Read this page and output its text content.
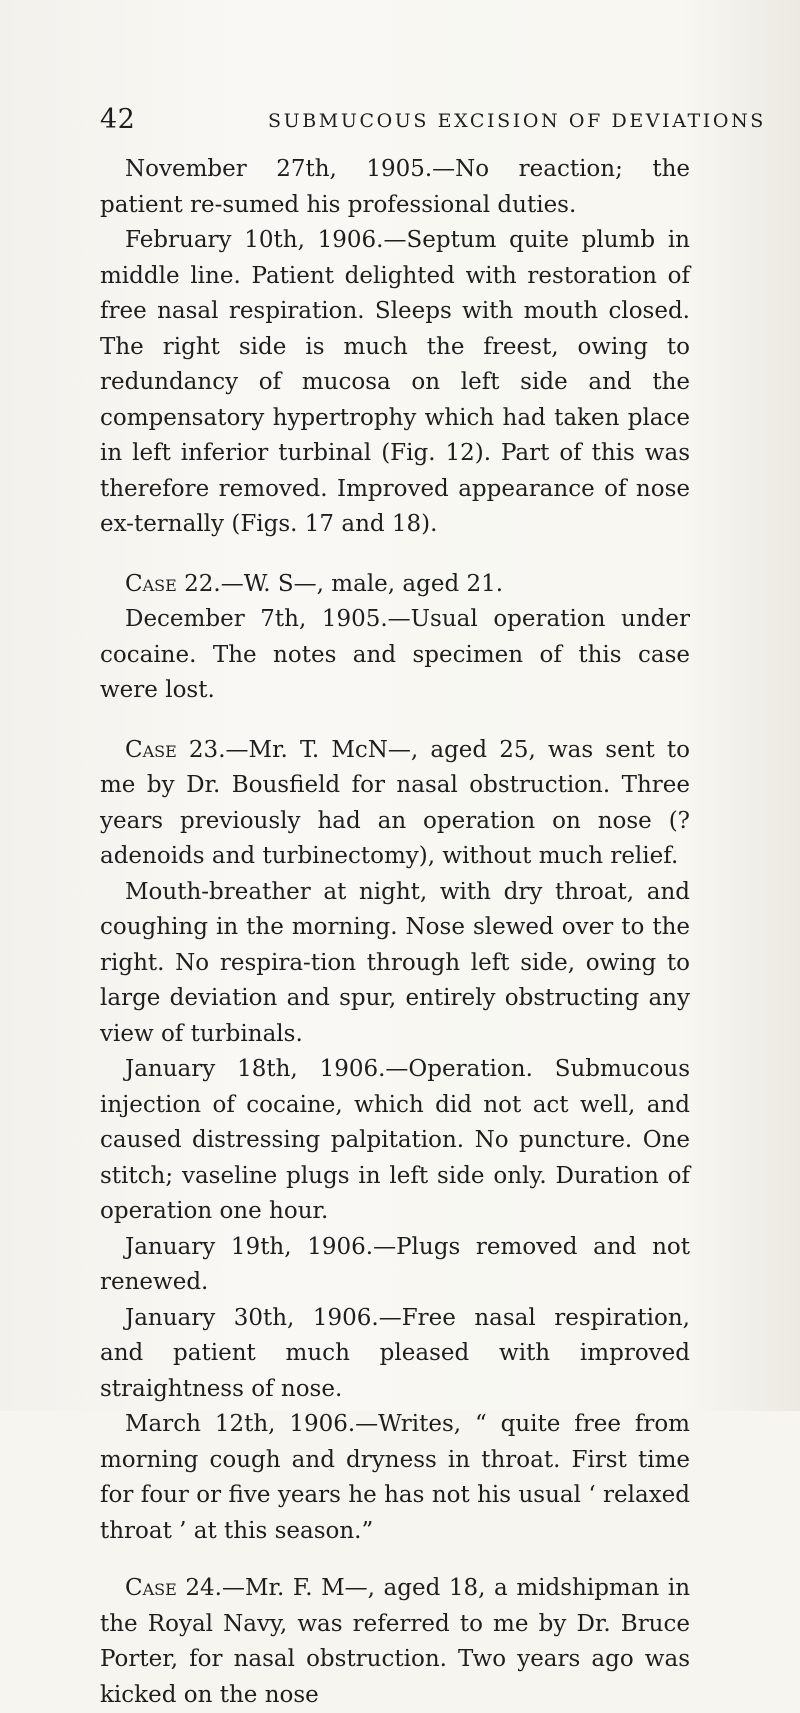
42	SUBMUCOUS EXCISION OF DEVIATIONS

November 27th, 1905.—No reaction; the patient re-sumed his professional duties.

February 10th, 1906.—Septum quite plumb in middle line. Patient delighted with restoration of free nasal respiration. Sleeps with mouth closed. The right side is much the freest, owing to redundancy of mucosa on left side and the compensatory hypertrophy which had taken place in left inferior turbinal (Fig. 12). Part of this was therefore removed. Improved appearance of nose ex-ternally (Figs. 17 and 18).

Case 22.—W. S—, male, aged 21.

December 7th, 1905.—Usual operation under cocaine. The notes and specimen of this case were lost.

Case 23.—Mr. T. McN—, aged 25, was sent to me by Dr. Bousfield for nasal obstruction. Three years previously had an operation on nose (? adenoids and turbinectomy), without much relief.

Mouth-breather at night, with dry throat, and coughing in the morning. Nose slewed over to the right. No respira-tion through left side, owing to large deviation and spur, entirely obstructing any view of turbinals.

January 18th, 1906.—Operation. Submucous injection of cocaine, which did not act well, and caused distressing palpitation. No puncture. One stitch; vaseline plugs in left side only. Duration of operation one hour.

January 19th, 1906.—Plugs removed and not renewed.

January 30th, 1906.—Free nasal respiration, and patient much pleased with improved straightness of nose.

March 12th, 1906.—Writes, “ quite free from morning cough and dryness in throat. First time for four or five years he has not his usual ‘ relaxed throat ’ at this season.”

Case 24.—Mr. F. M—, aged 18, a midshipman in the Royal Navy, was referred to me by Dr. Bruce Porter, for nasal obstruction. Two years ago was kicked on the nose
